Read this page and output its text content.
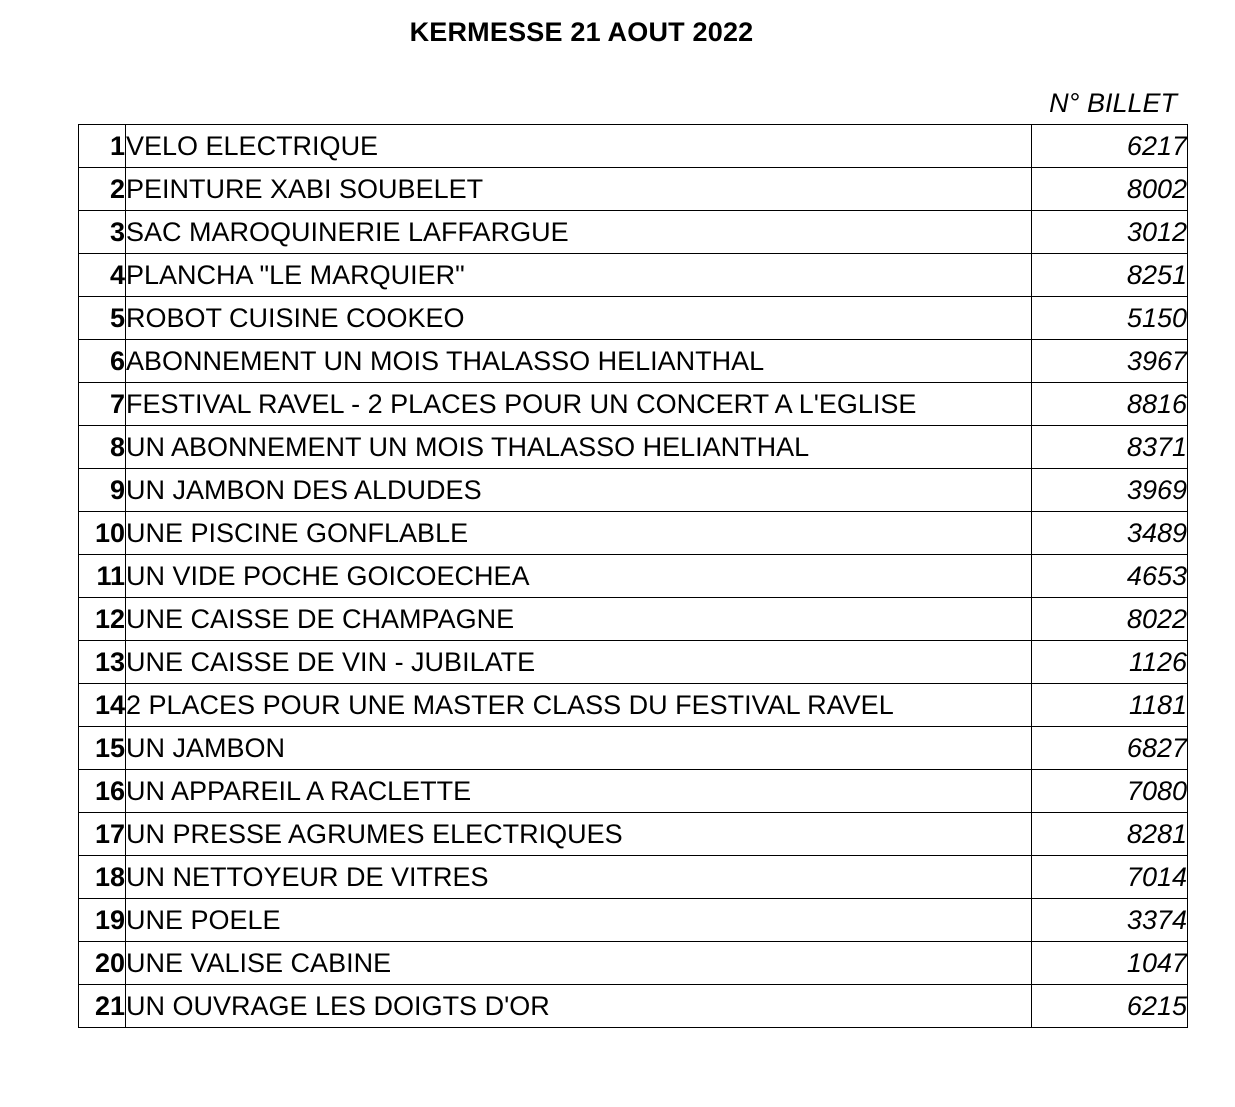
KERMESSE 21 AOUT 2022
N° BILLET
1	VELO ELECTRIQUE	6217
2	PEINTURE XABI SOUBELET	8002
3	SAC MAROQUINERIE LAFFARGUE	3012
4	PLANCHA "LE MARQUIER"	8251
5	ROBOT CUISINE COOKEO	5150
6	ABONNEMENT UN MOIS THALASSO HELIANTHAL	3967
7	FESTIVAL RAVEL - 2 PLACES POUR UN CONCERT A L'EGLISE	8816
8	UN ABONNEMENT UN MOIS THALASSO HELIANTHAL	8371
9	UN JAMBON DES ALDUDES	3969
10	UNE PISCINE GONFLABLE	3489
11	UN VIDE POCHE GOICOECHEA	4653
12	UNE CAISSE DE CHAMPAGNE	8022
13	UNE CAISSE DE VIN - JUBILATE	1126
14	2 PLACES POUR UNE MASTER CLASS DU FESTIVAL RAVEL	1181
15	UN JAMBON	6827
16	UN APPAREIL A RACLETTE	7080
17	UN PRESSE AGRUMES ELECTRIQUES	8281
18	UN NETTOYEUR DE VITRES	7014
19	UNE POELE	3374
20	UNE VALISE CABINE	1047
21	UN OUVRAGE LES DOIGTS D'OR	6215
